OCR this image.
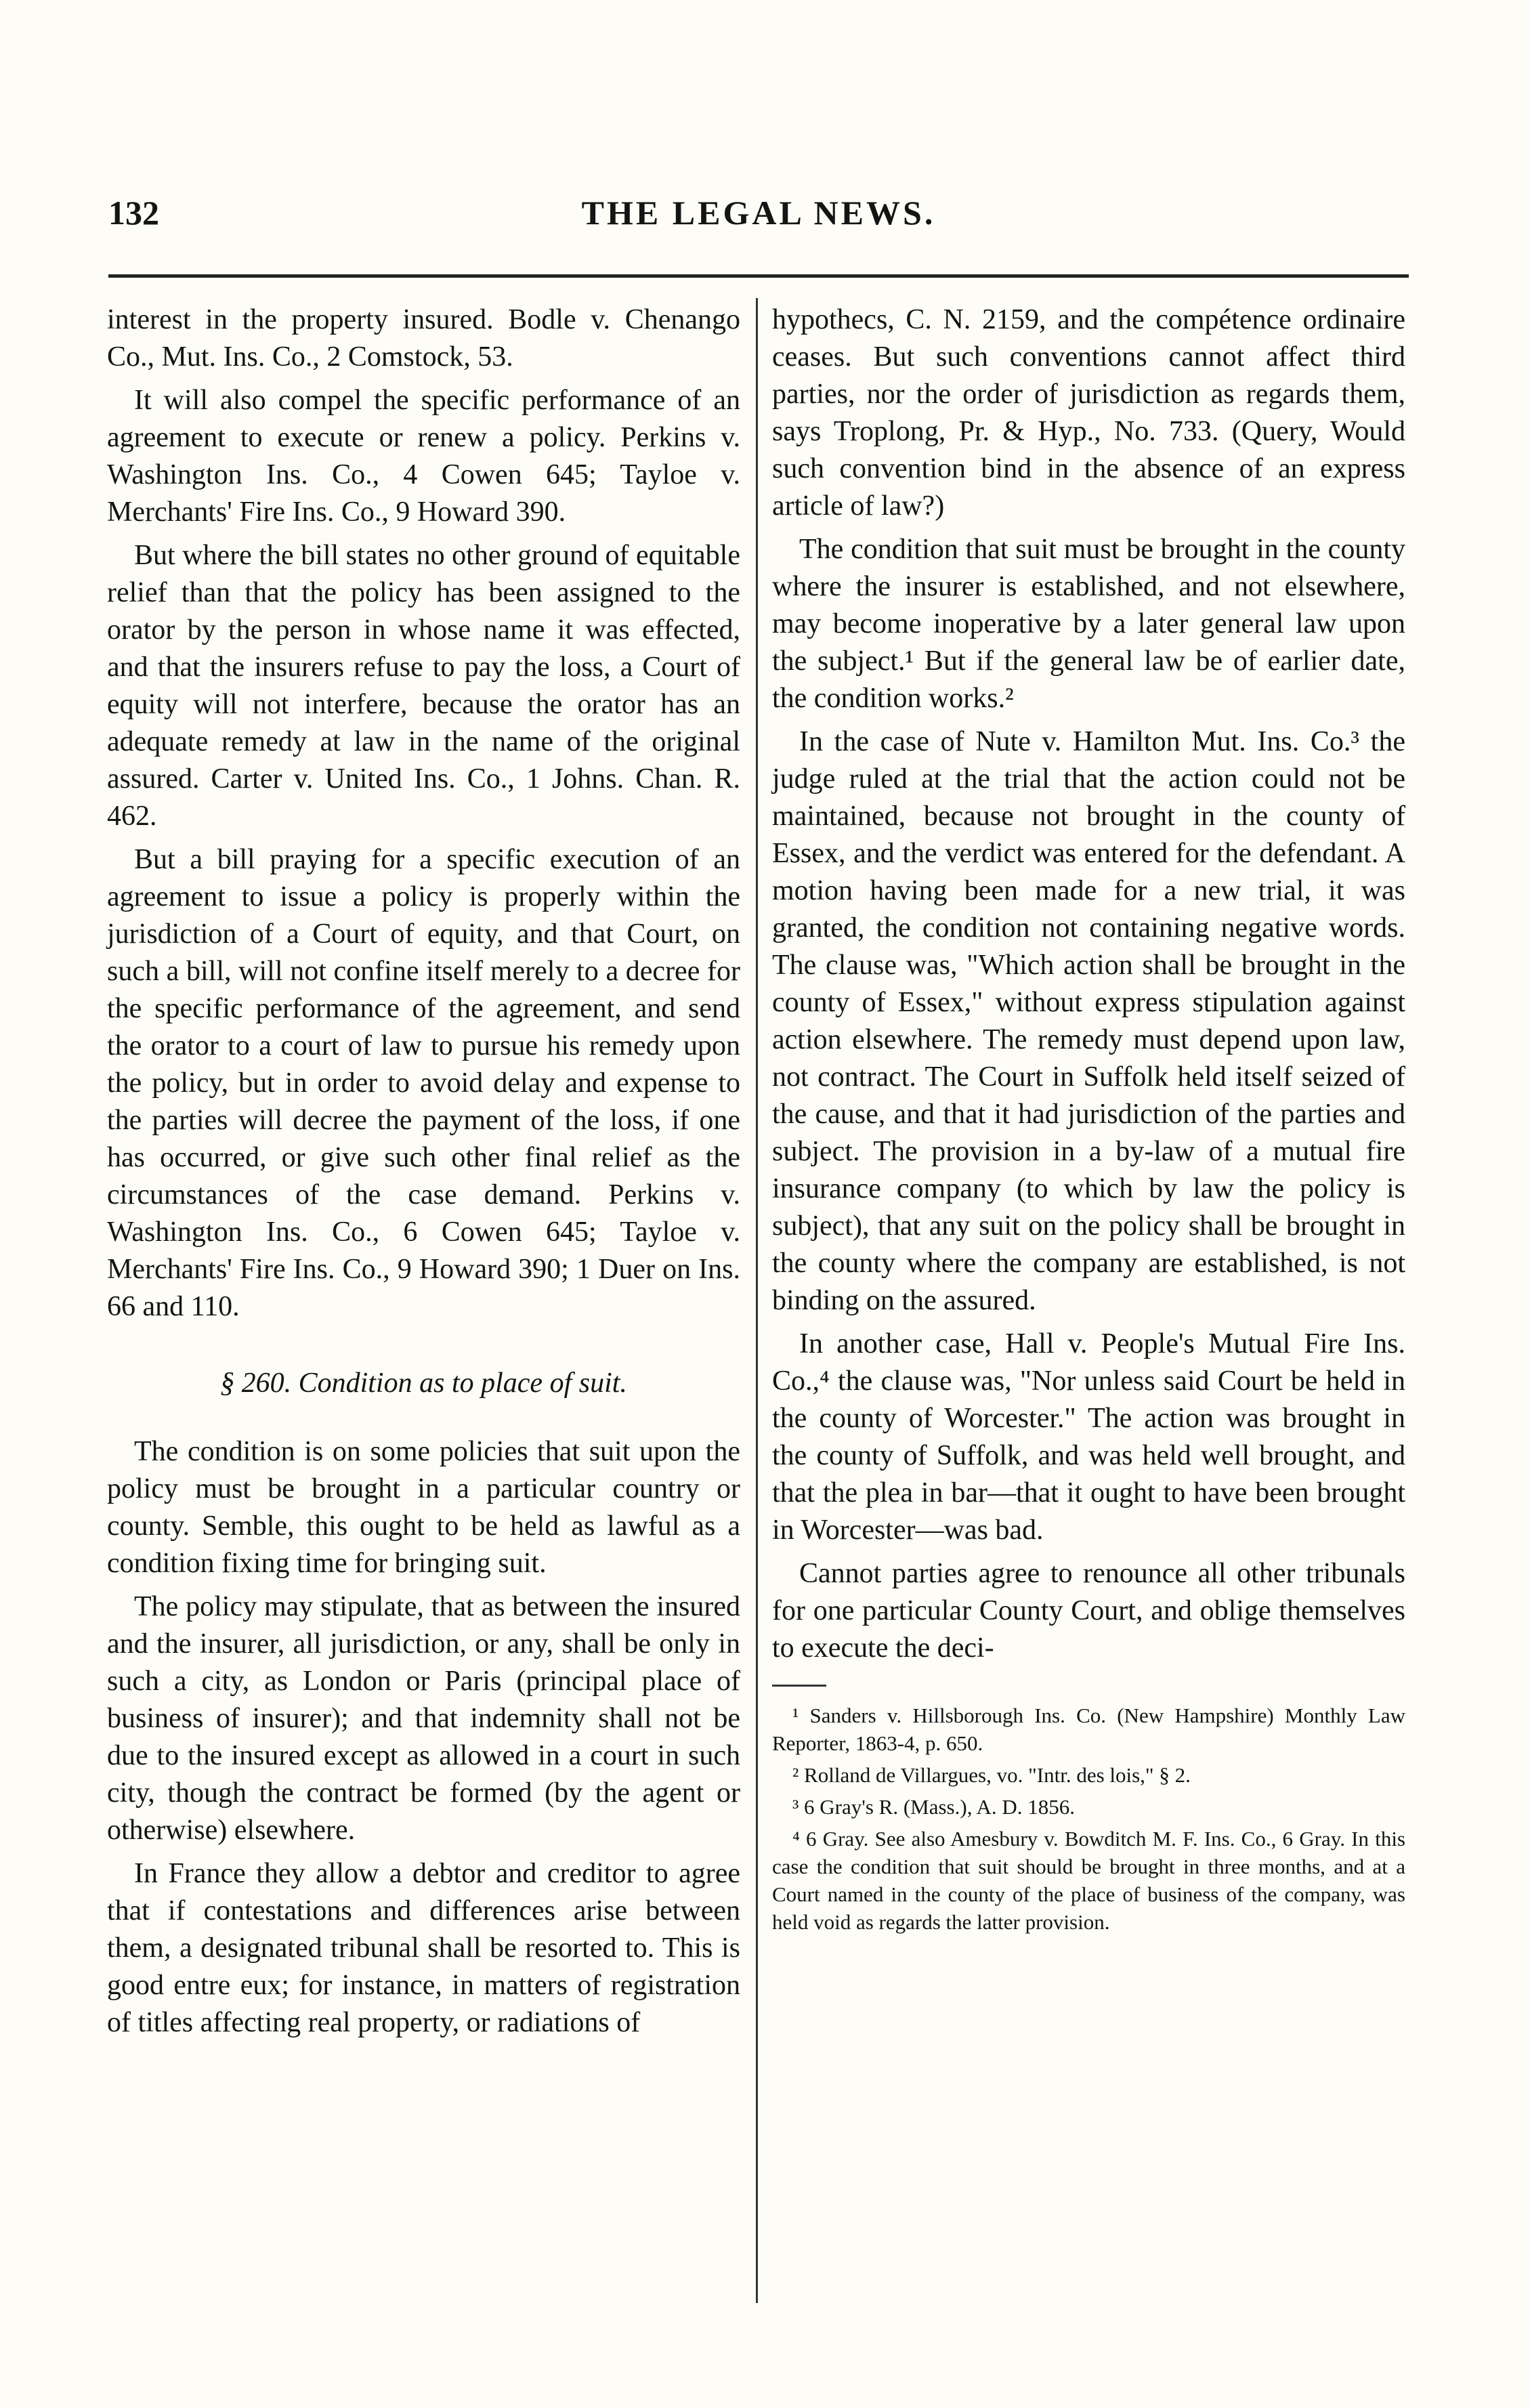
132	THE LEGAL NEWS.

interest in the property insured. Bodle v. Chenango Co., Mut. Ins. Co., 2 Comstock, 53.

It will also compel the specific performance of an agreement to execute or renew a policy. Perkins v. Washington Ins. Co., 4 Cowen 645; Tayloe v. Merchants' Fire Ins. Co., 9 Howard 390.

But where the bill states no other ground of equitable relief than that the policy has been assigned to the orator by the person in whose name it was effected, and that the insurers refuse to pay the loss, a Court of equity will not interfere, because the orator has an adequate remedy at law in the name of the original assured. Carter v. United Ins. Co., 1 Johns. Chan. R. 462.

But a bill praying for a specific execution of an agreement to issue a policy is properly within the jurisdiction of a Court of equity, and that Court, on such a bill, will not confine itself merely to a decree for the specific performance of the agreement, and send the orator to a court of law to pursue his remedy upon the policy, but in order to avoid delay and expense to the parties will decree the payment of the loss, if one has occurred, or give such other final relief as the circumstances of the case demand. Perkins v. Washington Ins. Co., 6 Cowen 645; Tayloe v. Merchants' Fire Ins. Co., 9 Howard 390; 1 Duer on Ins. 66 and 110.

§ 260. Condition as to place of suit.

The condition is on some policies that suit upon the policy must be brought in a particular country or county. Semble, this ought to be held as lawful as a condition fixing time for bringing suit.

The policy may stipulate, that as between the insured and the insurer, all jurisdiction, or any, shall be only in such a city, as London or Paris (principal place of business of insurer); and that indemnity shall not be due to the insured except as allowed in a court in such city, though the contract be formed (by the agent or otherwise) elsewhere.

In France they allow a debtor and creditor to agree that if contestations and differences arise between them, a designated tribunal shall be resorted to. This is good entre eux; for instance, in matters of registration of titles affecting real property, or radiations of

hypothecs, C. N. 2159, and the compétence ordinaire ceases. But such conventions cannot affect third parties, nor the order of jurisdiction as regards them, says Troplong, Pr. & Hyp., No. 733. (Query, Would such convention bind in the absence of an express article of law?)

The condition that suit must be brought in the county where the insurer is established, and not elsewhere, may become inoperative by a later general law upon the subject.¹ But if the general law be of earlier date, the condition works.²

In the case of Nute v. Hamilton Mut. Ins. Co.³ the judge ruled at the trial that the action could not be maintained, because not brought in the county of Essex, and the verdict was entered for the defendant. A motion having been made for a new trial, it was granted, the condition not containing negative words. The clause was, "Which action shall be brought in the county of Essex," without express stipulation against action elsewhere. The remedy must depend upon law, not contract. The Court in Suffolk held itself seized of the cause, and that it had jurisdiction of the parties and subject. The provision in a by-law of a mutual fire insurance company (to which by law the policy is subject), that any suit on the policy shall be brought in the county where the company are established, is not binding on the assured.

In another case, Hall v. People's Mutual Fire Ins. Co.,⁴ the clause was, "Nor unless said Court be held in the county of Worcester." The action was brought in the county of Suffolk, and was held well brought, and that the plea in bar—that it ought to have been brought in Worcester—was bad.

Cannot parties agree to renounce all other tribunals for one particular County Court, and oblige themselves to execute the deci-

¹ Sanders v. Hillsborough Ins. Co. (New Hampshire) Monthly Law Reporter, 1863-4, p. 650.

² Rolland de Villargues, vo. "Intr. des lois," § 2.

³ 6 Gray's R. (Mass.), A. D. 1856.

⁴ 6 Gray. See also Amesbury v. Bowditch M. F. Ins. Co., 6 Gray. In this case the condition that suit should be brought in three months, and at a Court named in the county of the place of business of the company, was held void as regards the latter provision.
